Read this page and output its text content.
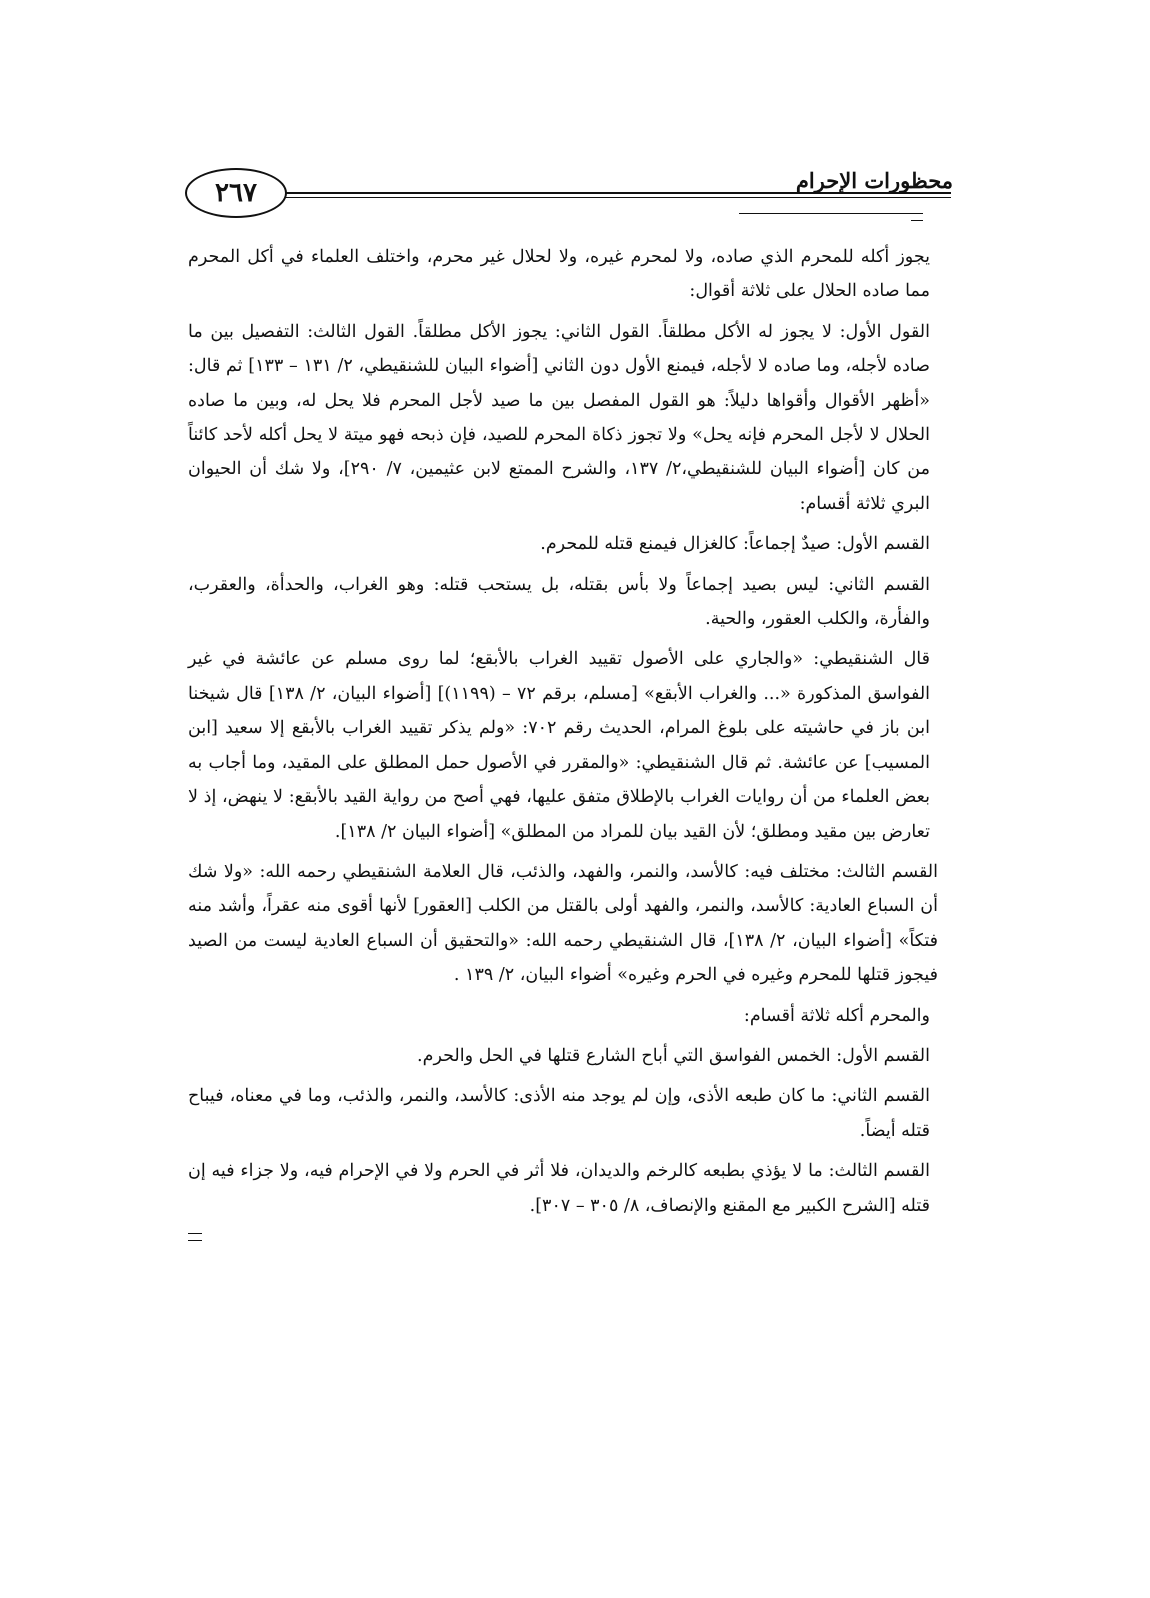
٢٦٧	محظورات الإحرام

يجوز أكله للمحرم الذي صاده، ولا لمحرم غيره، ولا لحلال غير محرم، واختلف العلماء في أكل المحرم مما صاده الحلال على ثلاثة أقوال:

القول الأول: لا يجوز له الأكل مطلقاً. القول الثاني: يجوز الأكل مطلقاً. القول الثالث: التفصيل بين ما صاده لأجله، وما صاده لا لأجله، فيمنع الأول دون الثاني [أضواء البيان للشنقيطي، ٢/ ١٣١ – ١٣٣] ثم قال: «أظهر الأقوال وأقواها دليلاً: هو القول المفصل بين ما صيد لأجل المحرم فلا يحل له، وبين ما صاده الحلال لا لأجل المحرم فإنه يحل» ولا تجوز ذكاة المحرم للصيد، فإن ذبحه فهو ميتة لا يحل أكله لأحد كائناً من كان [أضواء البيان للشنقيطي،٢/ ١٣٧، والشرح الممتع لابن عثيمين، ٧/ ٢٩٠]، ولا شك أن الحيوان البري ثلاثة أقسام:

القسم الأول: صيدٌ إجماعاً: كالغزال فيمنع قتله للمحرم.

القسم الثاني: ليس بصيد إجماعاً ولا بأس بقتله، بل يستحب قتله: وهو الغراب، والحدأة، والعقرب، والفأرة، والكلب العقور، والحية.

قال الشنقيطي: «والجاري على الأصول تقييد الغراب بالأبقع؛ لما روى مسلم عن عائشة في غير الفواسق المذكورة «... والغراب الأبقع» [مسلم، برقم ٧٢ – (١١٩٩)] [أضواء البيان، ٢/ ١٣٨] قال شيخنا ابن باز في حاشيته على بلوغ المرام، الحديث رقم ٧٠٢: «ولم يذكر تقييد الغراب بالأبقع إلا سعيد [ابن المسيب] عن عائشة. ثم قال الشنقيطي: «والمقرر في الأصول حمل المطلق على المقيد، وما أجاب به بعض العلماء من أن روايات الغراب بالإطلاق متفق عليها، فهي أصح من رواية القيد بالأبقع: لا ينهض، إذ لا تعارض بين مقيد ومطلق؛ لأن القيد بيان للمراد من المطلق» [أضواء البيان ٢/ ١٣٨].

القسم الثالث: مختلف فيه: كالأسد، والنمر، والفهد، والذئب، قال العلامة الشنقيطي رحمه الله: «ولا شك أن السباع العادية: كالأسد، والنمر، والفهد أولى بالقتل من الكلب [العقور] لأنها أقوى منه عقراً، وأشد منه فتكاً» [أضواء البيان، ٢/ ١٣٨]، قال الشنقيطي رحمه الله: «والتحقيق أن السباع العادية ليست من الصيد فيجوز قتلها للمحرم وغيره في الحرم وغيره» أضواء البيان، ٢/ ١٣٩ .

والمحرم أكله ثلاثة أقسام:

القسم الأول: الخمس الفواسق التي أباح الشارع قتلها في الحل والحرم.

القسم الثاني: ما كان طبعه الأذى، وإن لم يوجد منه الأذى: كالأسد، والنمر، والذئب، وما في معناه، فيباح قتله أيضاً.

القسم الثالث: ما لا يؤذي بطبعه كالرخم والديدان، فلا أثر في الحرم ولا في الإحرام فيه، ولا جزاء فيه إن قتله [الشرح الكبير مع المقنع والإنصاف، ٨/ ٣٠٥ – ٣٠٧].
